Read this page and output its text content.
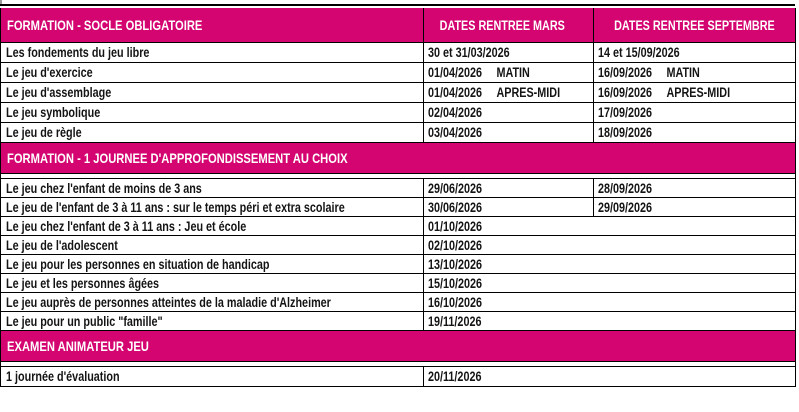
FORMATION - SOCLE OBLIGATOIRE	DATES RENTREE MARS	DATES RENTREE SEPTEMBRE
Les fondements du jeu libre	30 et 31/03/2026	14 et 15/09/2026
Le jeu d'exercice	01/04/2026 MATIN	16/09/2026 MATIN
Le jeu d'assemblage	01/04/2026 APRES-MIDI	16/09/2026 APRES-MIDI
Le jeu symbolique	02/04/2026	17/09/2026
Le jeu de règle	03/04/2026	18/09/2026
FORMATION - 1 JOURNEE D'APPROFONDISSEMENT AU CHOIX		

Le jeu chez l'enfant de moins de 3 ans	29/06/2026	28/09/2026
Le jeu de l'enfant de 3 à 11 ans : sur le temps péri et extra scolaire	30/06/2026	29/09/2026
Le jeu chez l'enfant de 3 à 11 ans : Jeu et école	01/10/2026	
Le jeu de l'adolescent	02/10/2026	
Le jeu pour les personnes en situation de handicap	13/10/2026	
Le jeu et les personnes âgées	15/10/2026	
Le jeu auprès de personnes atteintes de la maladie d'Alzheimer	16/10/2026	
Le jeu pour un public "famille"	19/11/2026	
EXAMEN ANIMATEUR JEU		

1 journée d'évaluation	20/11/2026	
